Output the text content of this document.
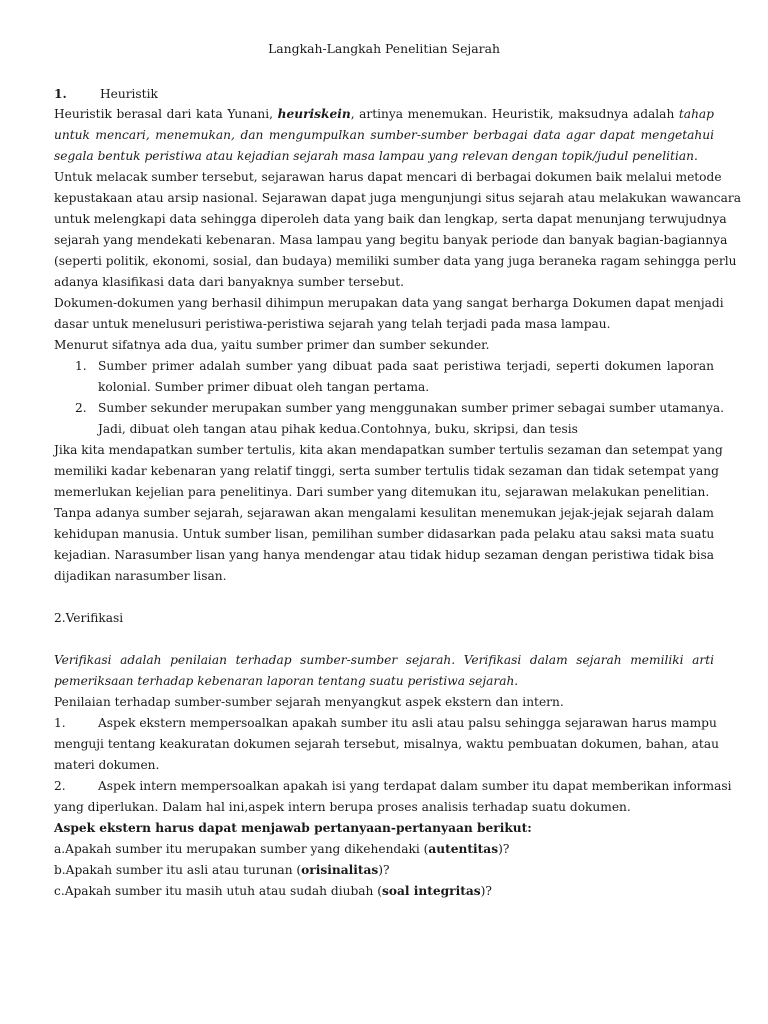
Langkah-Langkah Penelitian Sejarah
1.	Heuristik
Heuristik berasal dari kata Yunani, heuriskein, artinya menemukan. Heuristik, maksudnya adalah tahap
untuk mencari, menemukan, dan mengumpulkan sumber-sumber berbagai data agar dapat mengetahui
segala bentuk peristiwa atau kejadian sejarah masa lampau yang relevan dengan topik/judul penelitian.
Untuk melacak sumber tersebut, sejarawan harus dapat mencari di berbagai dokumen baik melalui metode
kepustakaan atau arsip nasional. Sejarawan dapat juga mengunjungi situs sejarah atau melakukan wawancara
untuk melengkapi data sehingga diperoleh data yang baik dan lengkap, serta dapat menunjang terwujudnya
sejarah yang mendekati kebenaran. Masa lampau yang begitu banyak periode dan banyak bagian-bagiannya
(seperti politik, ekonomi, sosial, dan budaya) memiliki sumber data yang juga beraneka ragam sehingga perlu
adanya klasifikasi data dari banyaknya sumber tersebut.
Dokumen-dokumen yang berhasil dihimpun merupakan data yang sangat berharga Dokumen dapat menjadi
dasar untuk menelusuri peristiwa-peristiwa sejarah yang telah terjadi pada masa lampau.
Menurut sifatnya ada dua, yaitu sumber primer dan sumber sekunder.
1. Sumber primer adalah sumber yang dibuat pada saat peristiwa terjadi, seperti dokumen laporan
kolonial. Sumber primer dibuat oleh tangan pertama.
2. Sumber sekunder merupakan sumber yang menggunakan sumber primer sebagai sumber utamanya.
Jadi, dibuat oleh tangan atau pihak kedua.Contohnya, buku, skripsi, dan tesis
Jika kita mendapatkan sumber tertulis, kita akan mendapatkan sumber tertulis sezaman dan setempat yang
memiliki kadar kebenaran yang relatif tinggi, serta sumber tertulis tidak sezaman dan tidak setempat yang
memerlukan kejelian para penelitinya. Dari sumber yang ditemukan itu, sejarawan melakukan penelitian.
Tanpa adanya sumber sejarah, sejarawan akan mengalami kesulitan menemukan jejak-jejak sejarah dalam
kehidupan manusia. Untuk sumber lisan, pemilihan sumber didasarkan pada pelaku atau saksi mata suatu
kejadian. Narasumber lisan yang hanya mendengar atau tidak hidup sezaman dengan peristiwa tidak bisa
dijadikan narasumber lisan.
2.Verifikasi
Verifikasi adalah penilaian terhadap sumber-sumber sejarah. Verifikasi dalam sejarah memiliki arti
pemeriksaan terhadap kebenaran laporan tentang suatu peristiwa sejarah.
Penilaian terhadap sumber-sumber sejarah menyangkut aspek ekstern dan intern.
1.	Aspek ekstern mempersoalkan apakah sumber itu asli atau palsu sehingga sejarawan harus mampu
menguji tentang keakuratan dokumen sejarah tersebut, misalnya, waktu pembuatan dokumen, bahan, atau
materi dokumen.
2.	Aspek intern mempersoalkan apakah isi yang terdapat dalam sumber itu dapat memberikan informasi
yang diperlukan. Dalam hal ini,aspek intern berupa proses analisis terhadap suatu dokumen.
Aspek ekstern harus dapat menjawab pertanyaan-pertanyaan berikut:
a.Apakah sumber itu merupakan sumber yang dikehendaki (autentitas)?
b.Apakah sumber itu asli atau turunan (orisinalitas)?
c.Apakah sumber itu masih utuh atau sudah diubah (soal integritas)?
